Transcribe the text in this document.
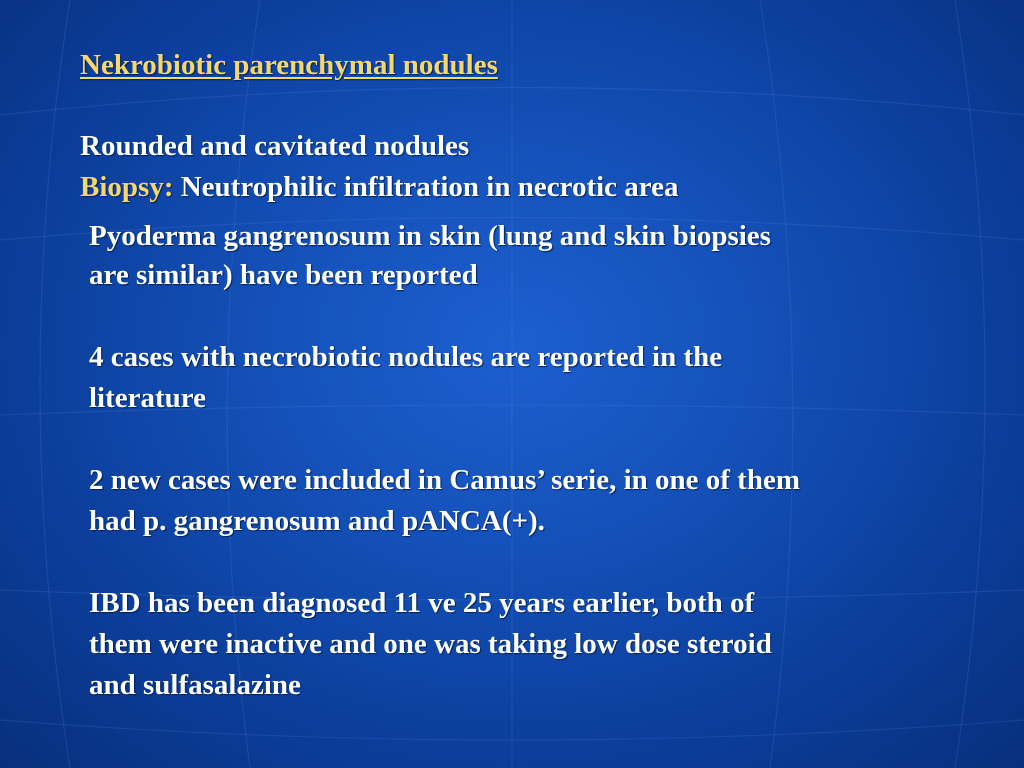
Nekrobiotic parenchymal nodules
Rounded and cavitated nodules
Biopsy: Neutrophilic infiltration in necrotic area
Pyoderma gangrenosum in skin (lung and skin biopsies
are similar) have been reported
4 cases with necrobiotic nodules are reported in the
literature
2 new cases were included in Camus’ serie, in one of them
had p. gangrenosum and pANCA(+).
IBD has been diagnosed 11 ve 25 years earlier, both of
them were inactive and one was taking low dose steroid
and sulfasalazine
